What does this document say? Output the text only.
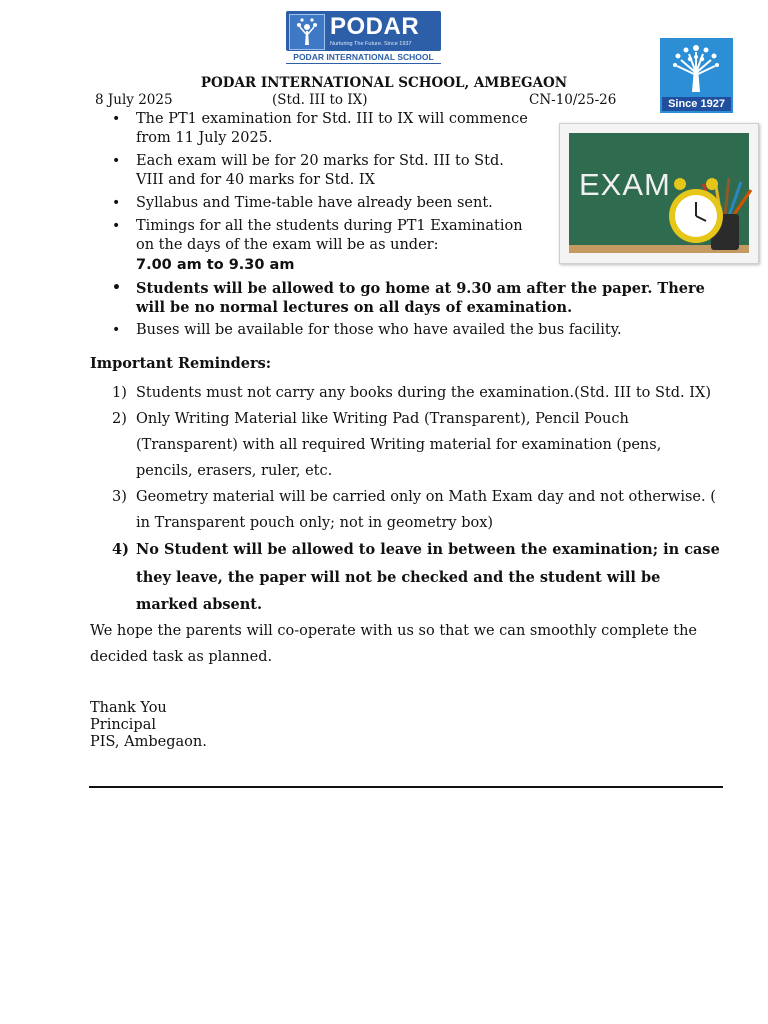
PODAR
Nurturing The Future. Since 1937
PODAR INTERNATIONAL SCHOOL
Since 1927
EXAM
PODAR INTERNATIONAL SCHOOL, AMBEGAON
8 July 2025	(Std. III to IX)	CN-10/25-26
• The PT1 examination for Std. III to IX will commence from 11 July 2025.
• Each exam will be for 20 marks for Std. III to Std. VIII and for 40 marks for Std. IX
• Syllabus and Time-table have already been sent.
• Timings for all the students during PT1 Examination on the days of the exam will be as under:
7.00 am to 9.30 am
• Students will be allowed to go home at 9.30 am after the paper. There will be no normal lectures on all days of examination.
• Buses will be available for those who have availed the bus facility.
Important Reminders:
1) Students must not carry any books during the examination.(Std. III to Std. IX)
2) Only Writing Material like Writing Pad (Transparent), Pencil Pouch (Transparent) with all required Writing material for examination (pens, pencils, erasers, ruler, etc.
3) Geometry material will be carried only on Math Exam day and not otherwise. ( in Transparent pouch only; not in geometry box)
4) No Student will be allowed to leave in between the examination; in case they leave, the paper will not be checked and the student will be marked absent.
We hope the parents will co-operate with us so that we can smoothly complete the decided task as planned.
Thank You
Principal
PIS, Ambegaon.
